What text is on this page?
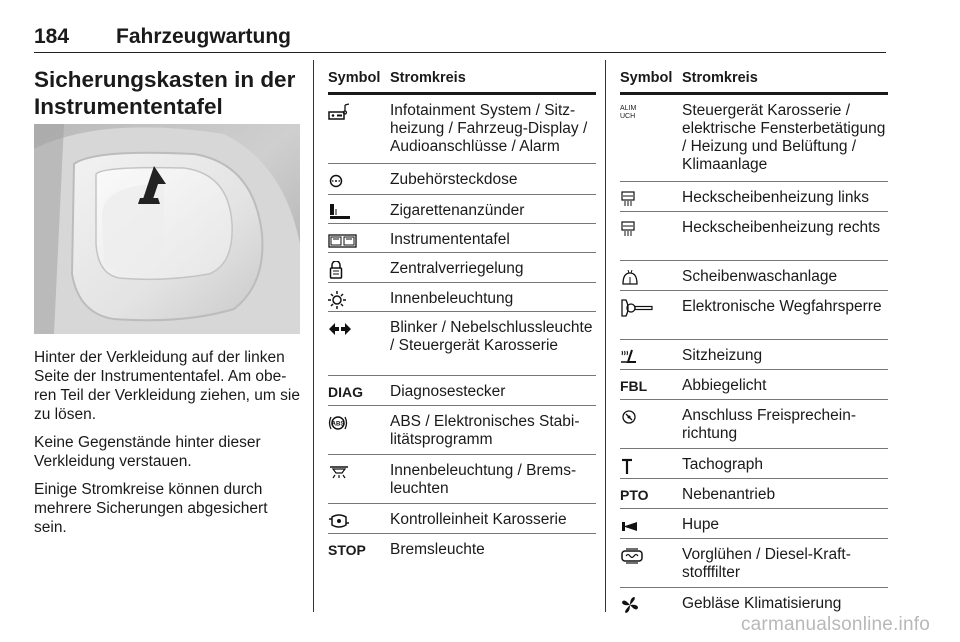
184 Fahrzeugwartung
Sicherungskasten in der
Instrumententafel

Hinter der Verkleidung auf der linken Seite der Instrumententafel. Am oberen Teil der Verkleidung ziehen, um sie zu lösen.

Keine Gegenstände hinter dieser Verkleidung verstauen.

Einige Stromkreise können durch mehrere Sicherungen abgesichert sein.

Symbol Stromkreis
Infotainment System / Sitzheizung / Fahrzeug-Display / Audioanschlüsse / Alarm
Zubehörsteckdose
Zigarettenanzünder
Instrumententafel
Zentralverriegelung
Innenbeleuchtung
Blinker / Nebelschlussleuchte / Steuergerät Karosserie
DIAG	Diagnosestecker
ABS	ABS / Elektronisches Stabilitätsprogramm
Innenbeleuchtung / Bremsleuchten
Kontrolleinheit Karosserie
STOP	Bremsleuchte
Symbol Stromkreis
ALIM UCH	Steuergerät Karosserie / elektrische Fensterbetätigung / Heizung und Belüftung / Klimaanlage
Heckscheibenheizung links
Heckscheibenheizung rechts
Scheibenwaschanlage
Elektronische Wegfahrsperre
Sitzheizung
FBL	Abbiegelicht
Anschluss Freisprecheinrichtung
Tachograph
PTO	Nebenantrieb
Hupe
Vorglühen / Diesel-Kraftstofffilter
Gebläse Klimatisierung
carmanualsonline.info
